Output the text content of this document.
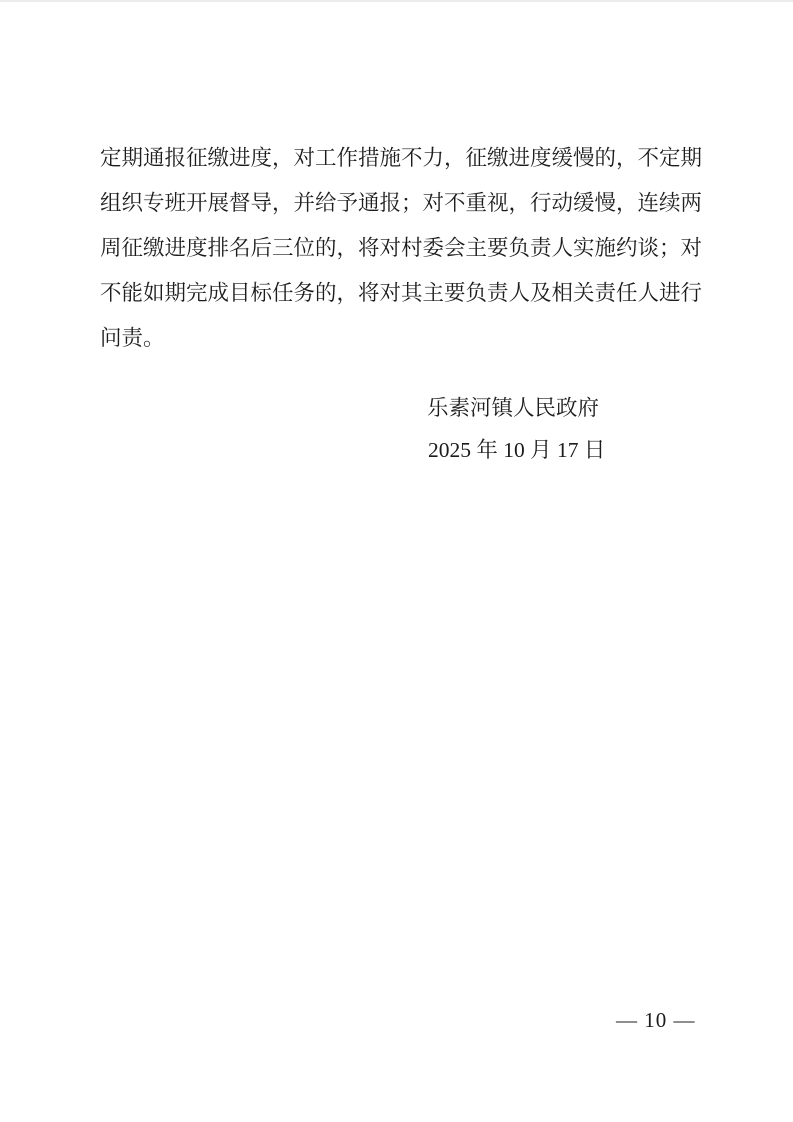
定期通报征缴进度，对工作措施不力，征缴进度缓慢的，不定期
组织专班开展督导，并给予通报；对不重视，行动缓慢，连续两
周征缴进度排名后三位的，将对村委会主要负责人实施约谈；对
不能如期完成目标任务的，将对其主要负责人及相关责任人进行
问责。
乐素河镇人民政府
2025 年 10 月 17 日
— 10 —
